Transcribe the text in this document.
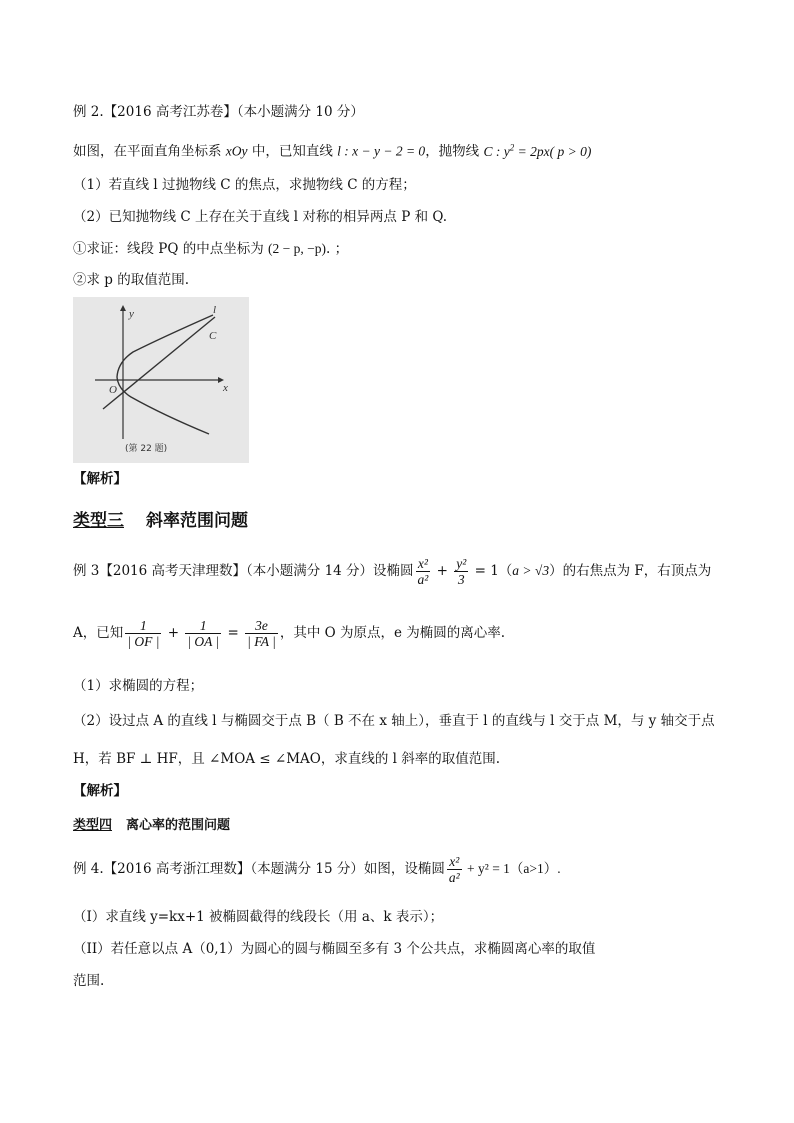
例 2.【2016 高考江苏卷】（本小题满分 10 分）
如图，在平面直角坐标系 xOy 中，已知直线 l : x − y − 2 = 0，抛物线 C : $y^2 = 2px$( p > 0)
（1）若直线 l 过抛物线 C 的焦点，求抛物线 C 的方程；
（2）已知抛物线 C 上存在关于直线 l 对称的相异两点 P 和 Q.
①求证：线段 PQ 的中点坐标为 (2 − p, −p). ；
②求 p 的取值范围.
y
x
O
l
C
(第 22 题)
【解析】
类型三 斜率范围问题
例 3【2016 高考天津理数】（本小题满分 14 分）设椭圆 $\frac{\text{x²}}{\text{a²}} + \frac{\text{y²}}{3} = 1(a > √3)$的右焦点为 F，右顶点为
A，已知 $\frac{1}{| OF |} + \frac{1}{| OA |} = \frac{3e}{| FA |}$ ，其中 O 为原点，e 为椭圆的离心率.
（1）求椭圆的方程；
（2）设过点 A 的直线 l 与椭圆交于点 B（ B 不在 x 轴上），垂直于 l 的直线与 l 交于点 M，与 y 轴交于点
H，若 BF ⊥ HF，且 ∠MOA ≤ ∠MAO，求直线的 l 斜率的取值范围.
【解析】
类型四 离心率的范围问题
例 4.【2016 高考浙江理数】（本题满分 15 分）如图，设椭圆 $\frac{\text{x²}}{\text{a²}} + y^2 = 1(a>1)$.
（I）求直线 y=kx+1 被椭圆截得的线段长（用 a、k 表示）；
（II）若任意以点 A（0,1）为圆心的圆与椭圆至多有 3 个公共点，求椭圆离心率的取值
范围.
